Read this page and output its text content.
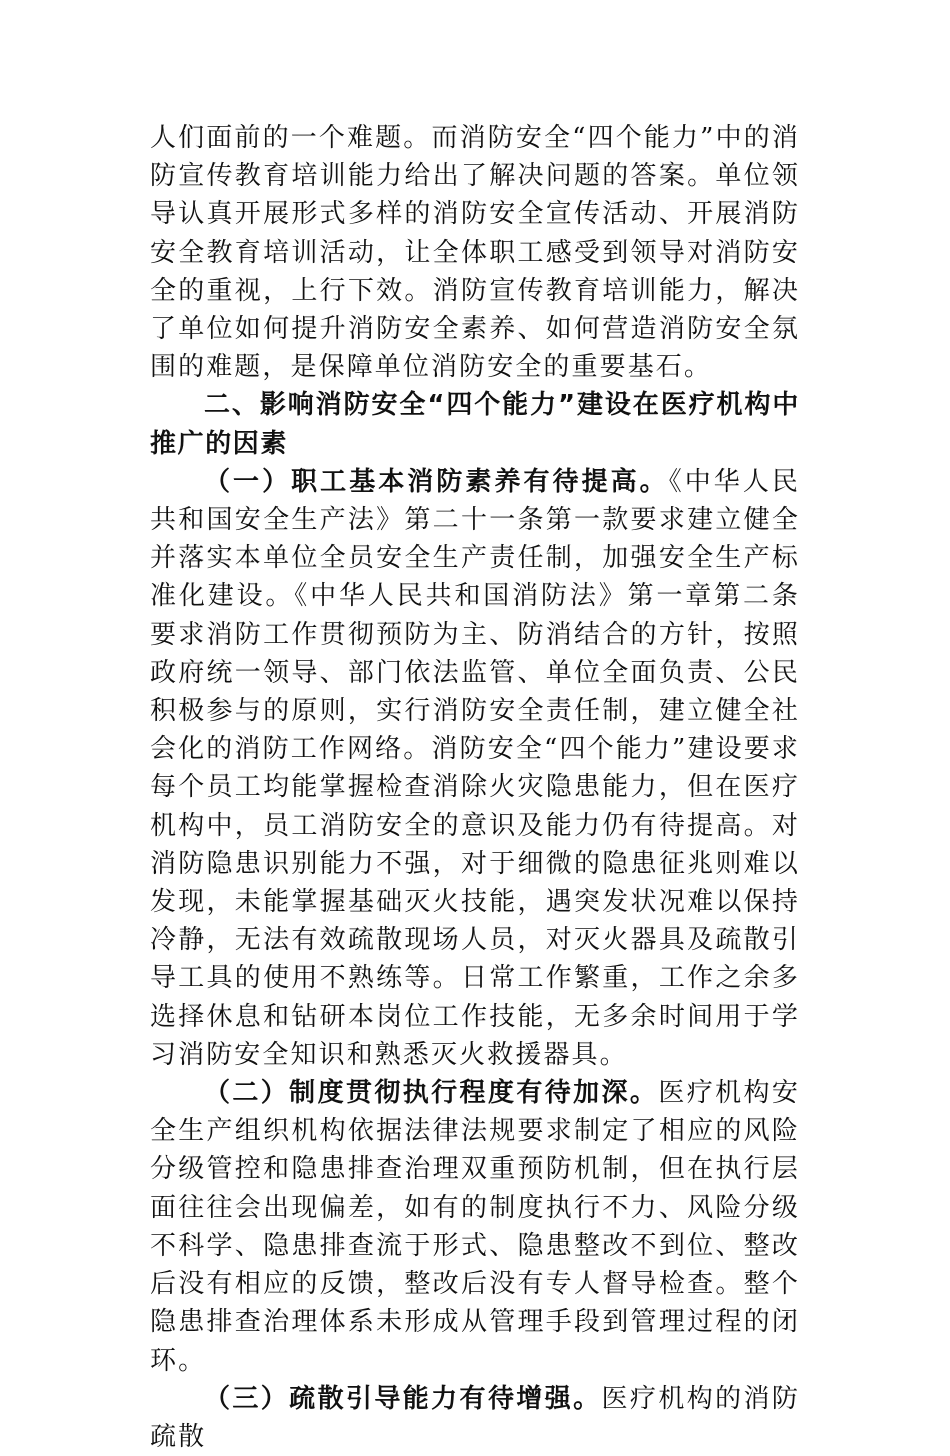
人们面前的一个难题。而消防安全“四个能力”中的消防宣传教育培训能力给出了解决问题的答案。单位领导认真开展形式多样的消防安全宣传活动、开展消防安全教育培训活动，让全体职工感受到领导对消防安全的重视，上行下效。消防宣传教育培训能力，解决了单位如何提升消防安全素养、如何营造消防安全氛围的难题，是保障单位消防安全的重要基石。

二、影响消防安全“四个能力”建设在医疗机构中推广的因素

（一）职工基本消防素养有待提高。《中华人民共和国安全生产法》第二十一条第一款要求建立健全并落实本单位全员安全生产责任制，加强安全生产标准化建设。《中华人民共和国消防法》第一章第二条要求消防工作贯彻预防为主、防消结合的方针，按照政府统一领导、部门依法监管、单位全面负责、公民积极参与的原则，实行消防安全责任制，建立健全社会化的消防工作网络。消防安全“四个能力”建设要求每个员工均能掌握检查消除火灾隐患能力，但在医疗机构中，员工消防安全的意识及能力仍有待提高。对消防隐患识别能力不强，对于细微的隐患征兆则难以发现，未能掌握基础灭火技能，遇突发状况难以保持冷静，无法有效疏散现场人员，对灭火器具及疏散引导工具的使用不熟练等。日常工作繁重，工作之余多选择休息和钻研本岗位工作技能，无多余时间用于学习消防安全知识和熟悉灭火救援器具。

（二）制度贯彻执行程度有待加深。医疗机构安全生产组织机构依据法律法规要求制定了相应的风险分级管控和隐患排查治理双重预防机制，但在执行层面往往会出现偏差，如有的制度执行不力、风险分级不科学、隐患排查流于形式、隐患整改不到位、整改后没有相应的反馈，整改后没有专人督导检查。整个隐患排查治理体系未形成从管理手段到管理过程的闭环。

（三）疏散引导能力有待增强。医疗机构的消防疏散
